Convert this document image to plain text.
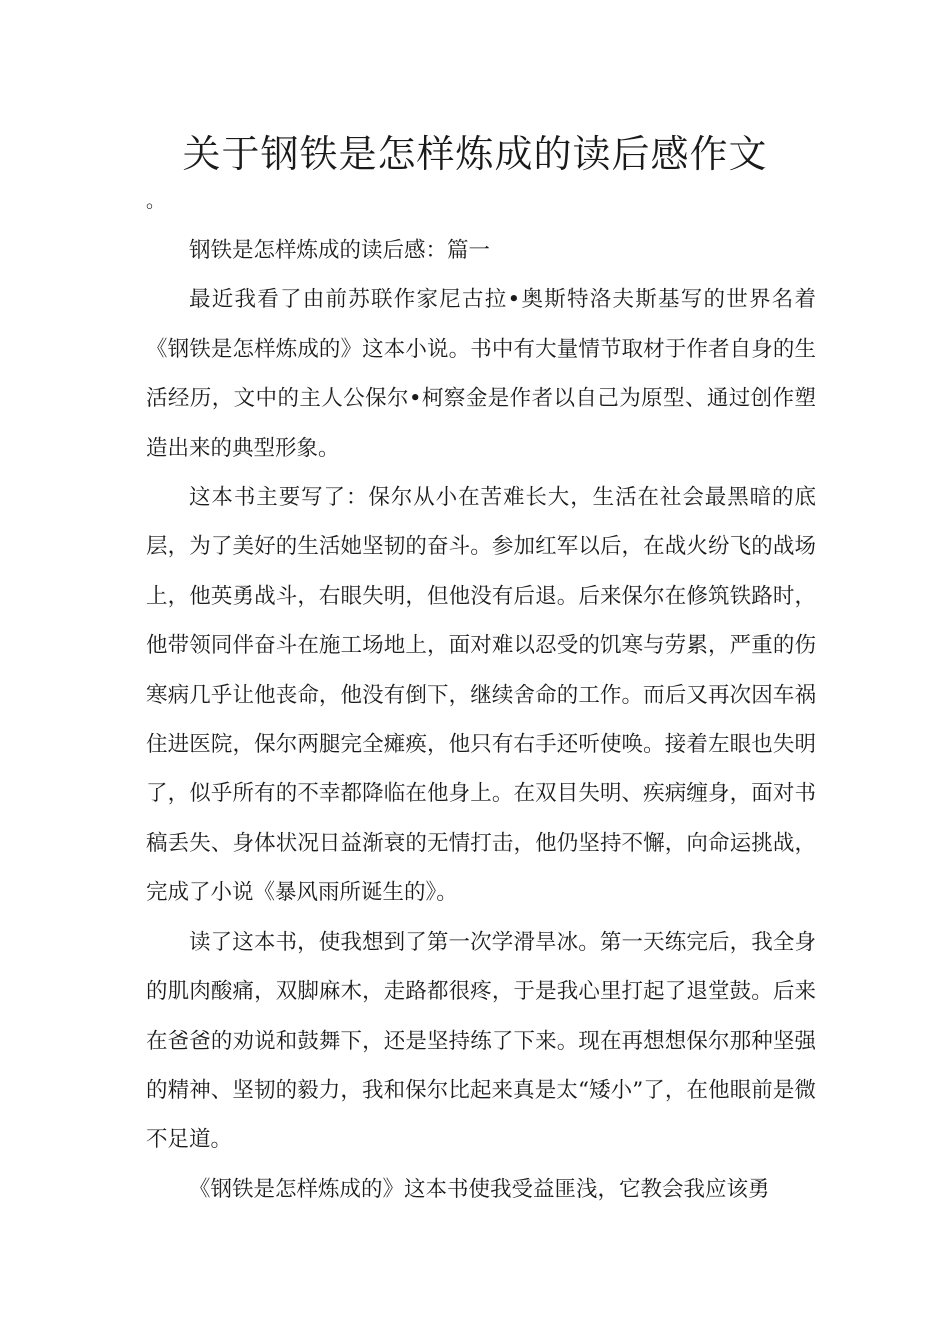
关于钢铁是怎样炼成的读后感作文
。

钢铁是怎样炼成的读后感：篇一

最近我看了由前苏联作家尼古拉•奥斯特洛夫斯基写的世界名着《钢铁是怎样炼成的》这本小说。书中有大量情节取材于作者自身的生活经历，文中的主人公保尔•柯察金是作者以自己为原型、通过创作塑造出来的典型形象。

这本书主要写了：保尔从小在苦难长大，生活在社会最黑暗的底层，为了美好的生活她坚韧的奋斗。参加红军以后，在战火纷飞的战场上，他英勇战斗，右眼失明，但他没有后退。后来保尔在修筑铁路时，他带领同伴奋斗在施工场地上，面对难以忍受的饥寒与劳累，严重的伤寒病几乎让他丧命，他没有倒下，继续舍命的工作。而后又再次因车祸住进医院，保尔两腿完全瘫痪，他只有右手还听使唤。接着左眼也失明了，似乎所有的不幸都降临在他身上。在双目失明、疾病缠身，面对书稿丢失、身体状况日益渐衰的无情打击，他仍坚持不懈，向命运挑战，完成了小说《暴风雨所诞生的》。

读了这本书，使我想到了第一次学滑旱冰。第一天练完后，我全身的肌肉酸痛，双脚麻木，走路都很疼，于是我心里打起了退堂鼓。后来在爸爸的劝说和鼓舞下，还是坚持练了下来。现在再想想保尔那种坚强的精神、坚韧的毅力，我和保尔比起来真是太“矮小”了，在他眼前是微不足道。

《钢铁是怎样炼成的》这本书使我受益匪浅，它教会我应该勇
